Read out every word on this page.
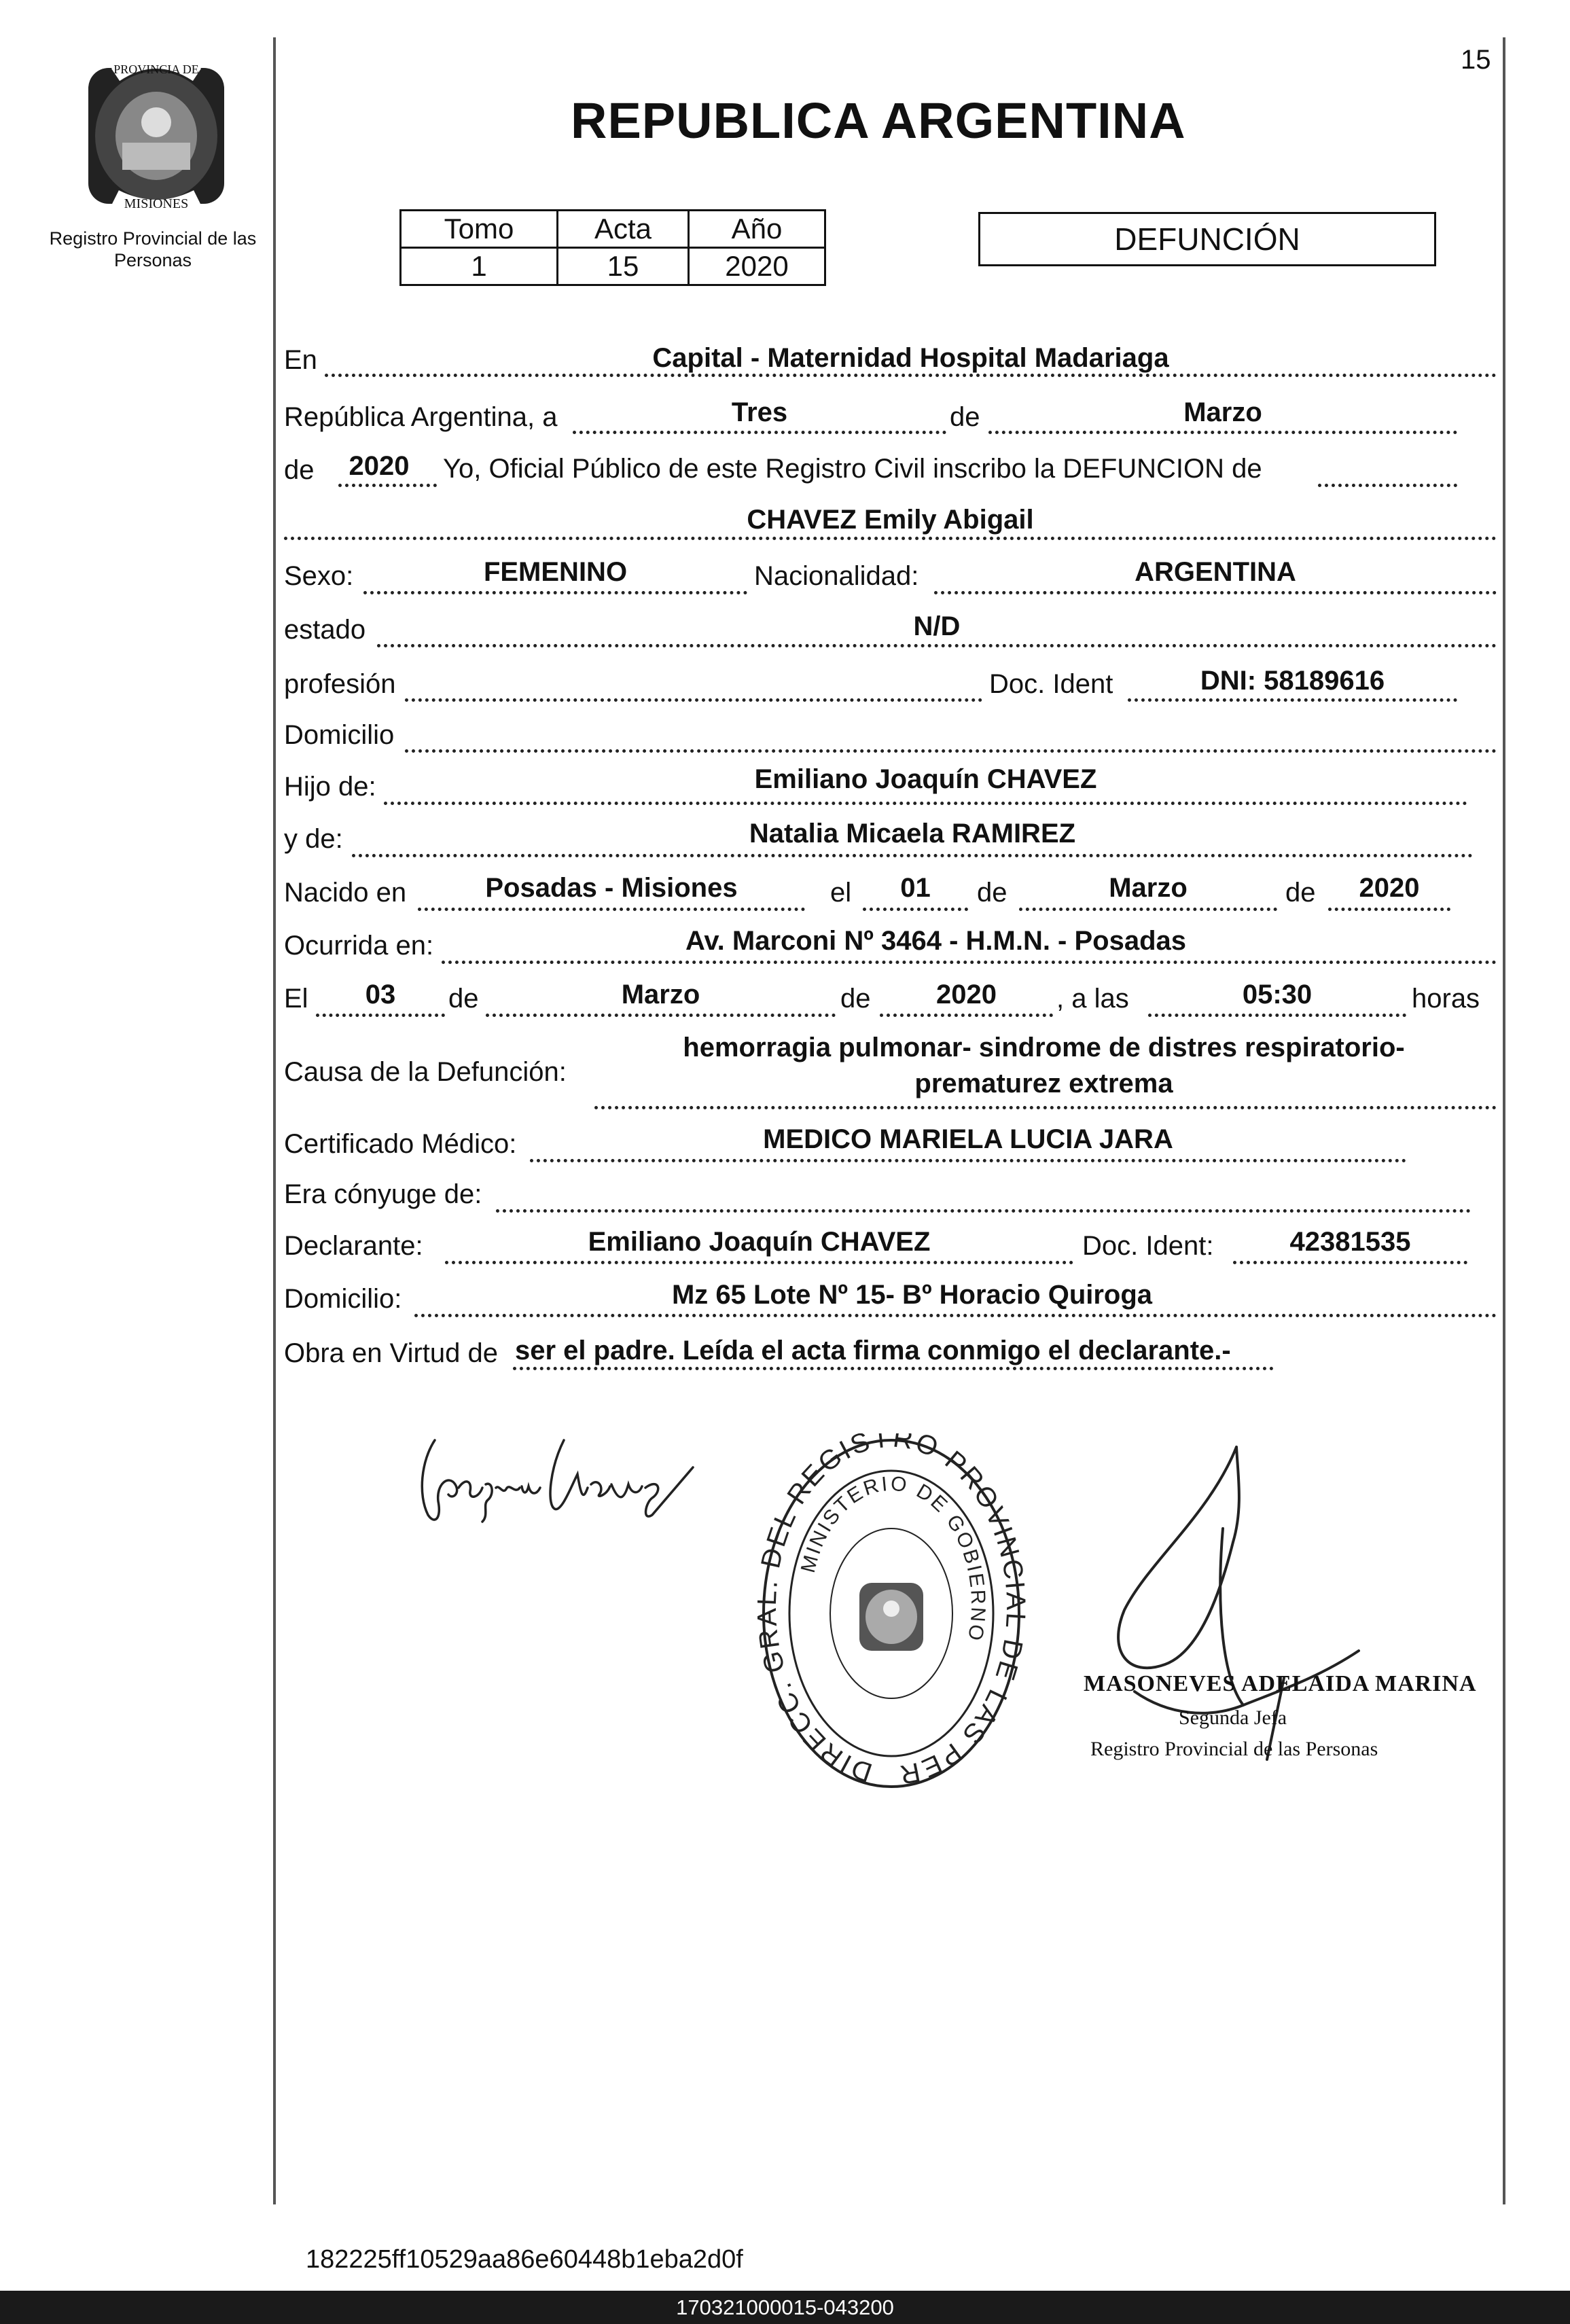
15
PROVINCIA DE
MISIONES
Registro Provincial de las Personas
REPUBLICA ARGENTINA
Tomo	Acta	Año
1	15	2020
DEFUNCIÓN
En	Capital - Maternidad Hospital Madariaga
República Argentina, a	Tres	de	Marzo
de	2020	Yo, Oficial Público de este Registro Civil inscribo la DEFUNCION de
CHAVEZ Emily Abigail
Sexo:	FEMENINO	Nacionalidad:	ARGENTINA
estado	N/D
profesión	Doc. Ident	DNI: 58189616
Domicilio
Hijo de:	Emiliano Joaquín CHAVEZ
y de:	Natalia Micaela RAMIREZ
Nacido en	Posadas - Misiones	el	01	de	Marzo	de	2020
Ocurrida en:	Av. Marconi Nº 3464 - H.M.N. - Posadas
El	03	de	Marzo	de	2020	, a las	05:30	horas
Causa de la Defunción:
hemorragia pulmonar- sindrome de distres respiratorio-
prematurez extrema
Certificado Médico:	MEDICO MARIELA LUCIA JARA
Era cónyuge de:
Declarante:	Emiliano Joaquín CHAVEZ	Doc. Ident:	42381535
Domicilio:	Mz 65 Lote Nº 15- Bº Horacio Quiroga
Obra en Virtud de ser el padre. Leída el acta firma conmigo el declarante.-
DIRECC. G DEL REGISTRO PROVIN DE LAS PER
MINISTERIO DE GOBIERNO
MASONEVES ADELAIDA MARINA
Segunda Jefa
Registro Provincial de las Personas
182225ff10529aa86e60448b1eba2d0f
170321000015-043200
